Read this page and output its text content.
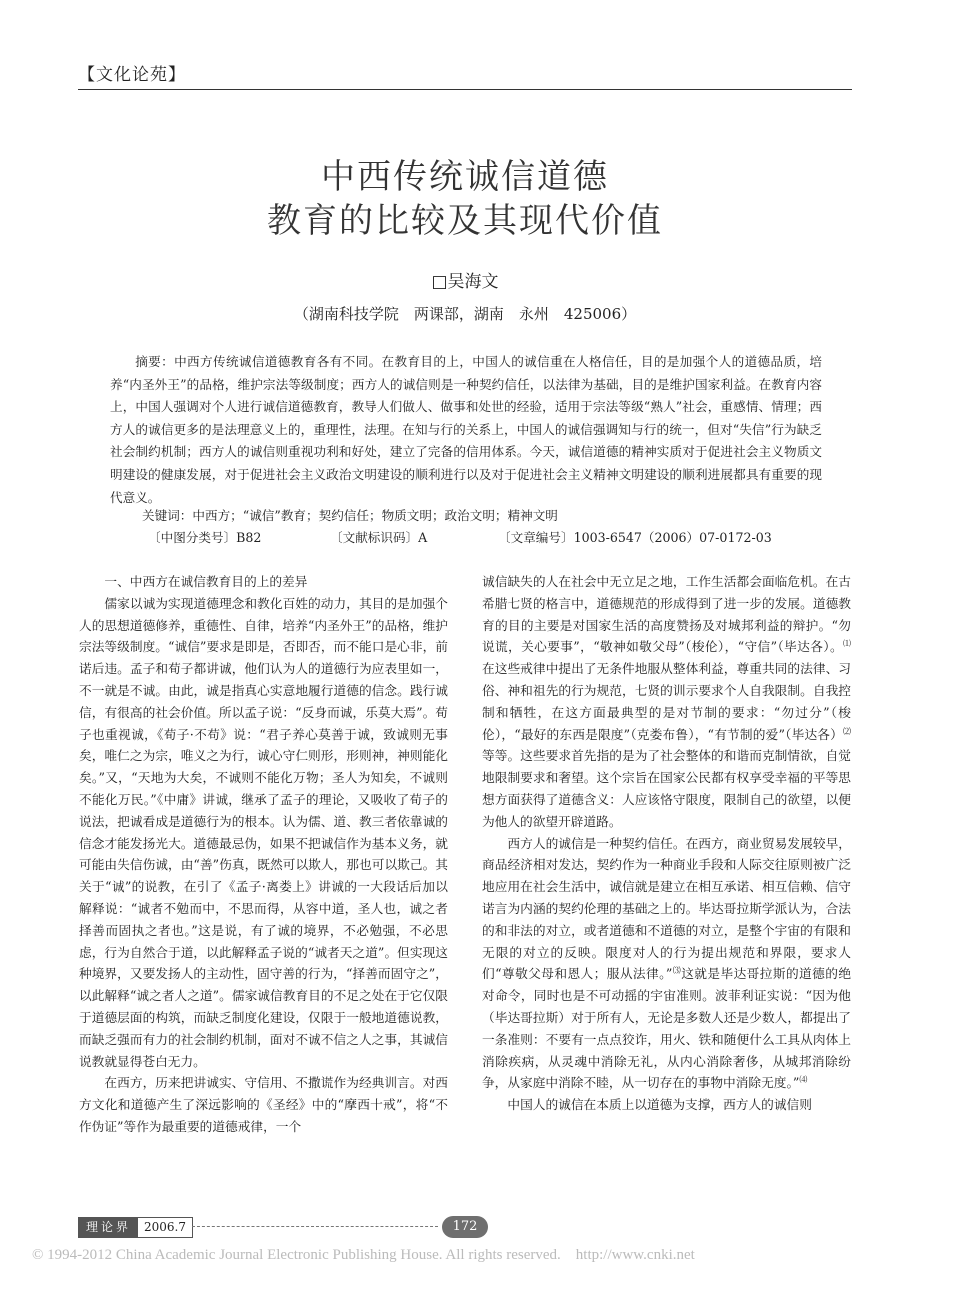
【文化论苑】
中西传统诚信道德
教育的比较及其现代价值
□吴海文
（湖南科技学院　两课部，湖南　永州　425006）
摘要：中西方传统诚信道德教育各有不同。在教育目的上，中国人的诚信重在人格信任，目的是加强个人的道德品质，培养“内圣外王”的品格，维护宗法等级制度；西方人的诚信则是一种契约信任，以法律为基础，目的是维护国家利益。在教育内容上，中国人强调对个人进行诚信道德教育，教导人们做人、做事和处世的经验，适用于宗法等级“熟人”社会，重感情、情理；西方人的诚信更多的是法理意义上的，重理性，法理。在知与行的关系上，中国人的诚信强调知与行的统一，但对“失信”行为缺乏社会制约机制；西方人的诚信则重视功利和好处，建立了完备的信用体系。今天，诚信道德的精神实质对于促进社会主义物质文明建设的健康发展，对于促进社会主义政治文明建设的顺利进行以及对于促进社会主义精神文明建设的顺利进展都具有重要的现代意义。
关键词：中西方；“诚信”教育；契约信任；物质文明；政治文明；精神文明
〔中图分类号〕B82	〔文献标识码〕A	〔文章编号〕1003-6547（2006）07-0172-03
一、中西方在诚信教育目的上的差异

儒家以诚为实现道德理念和教化百姓的动力，其目的是加强个人的思想道德修养，重德性、自律，培养“内圣外王”的品格，维护宗法等级制度。“诚信”要求是即是，否即否，而不能口是心非，前诺后违。孟子和荀子都讲诚，他们认为人的道德行为应表里如一，不一就是不诚。由此，诚是指真心实意地履行道德的信念。践行诚信，有很高的社会价值。所以孟子说：“反身而诚，乐莫大焉”。荀子也重视诚，《荀子·不苟》说：“君子养心莫善于诚，致诚则无事矣，唯仁之为宗，唯义之为行，诚心守仁则形，形则神，神则能化矣。”又，“天地为大矣，不诚则不能化万物；圣人为知矣，不诚则不能化万民。”《中庸》讲诚，继承了孟子的理论，又吸收了荀子的说法，把诚看成是道德行为的根本。认为儒、道、教三者依靠诚的信念才能发扬光大。道德最忌伪，如果不把诚信作为基本义务，就可能由失信伤诚，由“善”伤真，既然可以欺人，那也可以欺己。其关于“诚”的说教，在引了《孟子·离娄上》讲诚的一大段话后加以解释说：“诚者不勉而中，不思而得，从容中道，圣人也，诚之者择善而固执之者也。”这是说，有了诚的境界，不必勉强，不必思虑，行为自然合于道，以此解释孟子说的“诚者天之道”。但实现这种境界，又要发扬人的主动性，固守善的行为，“择善而固守之”，以此解释“诚之者人之道”。儒家诚信教育目的不足之处在于它仅限于道德层面的构筑，而缺乏制度化建设，仅限于一般地道德说教，而缺乏强而有力的社会制约机制，面对不诚不信之人之事，其诚信说教就显得苍白无力。

在西方，历来把讲诚实、守信用、不撒谎作为经典训言。对西方文化和道德产生了深远影响的《圣经》中的“摩西十戒”，将“不作伪证”等作为最重要的道德戒律，一个

诚信缺失的人在社会中无立足之地，工作生活都会面临危机。在古希腊七贤的格言中，道德规范的形成得到了进一步的发展。道德教育的目的主要是对国家生活的高度赞扬及对城邦利益的辩护。“勿说谎，关心要事”，“敬神如敬父母”（梭伦），“守信”（毕达各）。⑴在这些戒律中提出了无条件地服从整体利益，尊重共同的法律、习俗、神和祖先的行为规范，七贤的训示要求个人自我限制。自我控制和牺牲，在这方面最典型的是对节制的要求：“勿过分”（梭伦），“最好的东西是限度”（克娄布鲁），“有节制的爱”（毕达各）⑵等等。这些要求首先指的是为了社会整体的和谐而克制情欲，自觉地限制要求和奢望。这个宗旨在国家公民都有权享受幸福的平等思想方面获得了道德含义：人应该恪守限度，限制自己的欲望，以便为他人的欲望开辟道路。

西方人的诚信是一种契约信任。在西方，商业贸易发展较早，商品经济相对发达，契约作为一种商业手段和人际交往原则被广泛地应用在社会生活中，诚信就是建立在相互承诺、相互信赖、信守诺言为内涵的契约伦理的基础之上的。毕达哥拉斯学派认为，合法的和非法的对立，或者道德和不道德的对立，是整个宇宙的有限和无限的对立的反映。限度对人的行为提出规范和界限，要求人们“尊敬父母和恩人；服从法律。”⑶这就是毕达哥拉斯的道德的绝对命令，同时也是不可动摇的宇宙准则。波菲利证实说：“因为他（毕达哥拉斯）对于所有人，无论是多数人还是少数人，都提出了一条准则：不要有一点点狡诈，用火、铁和随便什么工具从肉体上消除疾病，从灵魂中消除无礼，从内心消除奢侈，从城邦消除纷争，从家庭中消除不睦，从一切存在的事物中消除无度。”⑷

中国人的诚信在本质上以道德为支撑，西方人的诚信则

理论界	2006.7	172
© 1994-2012 China Academic Journal Electronic Publishing House. All rights reserved.    http://www.cnki.net
